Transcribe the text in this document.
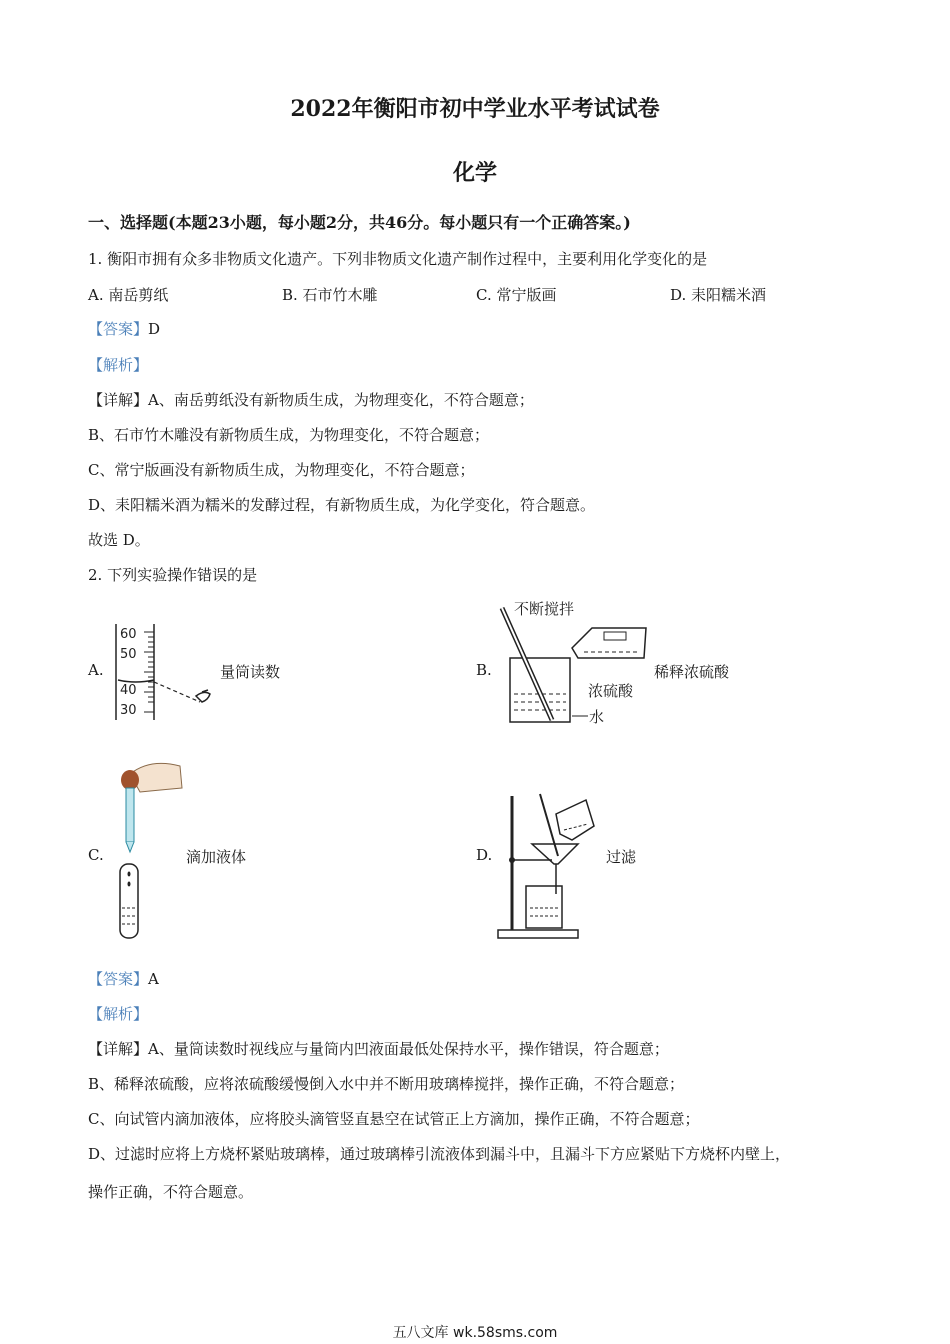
2022年衡阳市初中学业水平考试试卷
化学
一、选择题(本题23小题，每小题2分，共46分。每小题只有一个正确答案。)
1. 衡阳市拥有众多非物质文化遗产。下列非物质文化遗产制作过程中，主要利用化学变化的是
A. 南岳剪纸	B. 石市竹木雕	C. 常宁版画	D. 耒阳糯米酒
【答案】D
【解析】
【详解】A、南岳剪纸没有新物质生成，为物理变化，不符合题意；
B、石市竹木雕没有新物质生成，为物理变化，不符合题意；
C、常宁版画没有新物质生成，为物理变化，不符合题意；
D、耒阳糯米酒为糯米的发酵过程，有新物质生成，为化学变化，符合题意。
故选 D。
2. 下列实验操作错误的是
A.
60
50
40
30
量筒读数	B.
不断搅拌
浓硫酸
水
稀释浓硫酸
C.	滴加液体	D.	过滤
【答案】A
【解析】
【详解】A、量筒读数时视线应与量筒内凹液面最低处保持水平，操作错误，符合题意；
B、稀释浓硫酸，应将浓硫酸缓慢倒入水中并不断用玻璃棒搅拌，操作正确，不符合题意；
C、向试管内滴加液体，应将胶头滴管竖直悬空在试管正上方滴加，操作正确，不符合题意；
D、过滤时应将上方烧杯紧贴玻璃棒，通过玻璃棒引流液体到漏斗中，且漏斗下方应紧贴下方烧杯内壁上，
操作正确，不符合题意。
五八文库 wk.58sms.com
